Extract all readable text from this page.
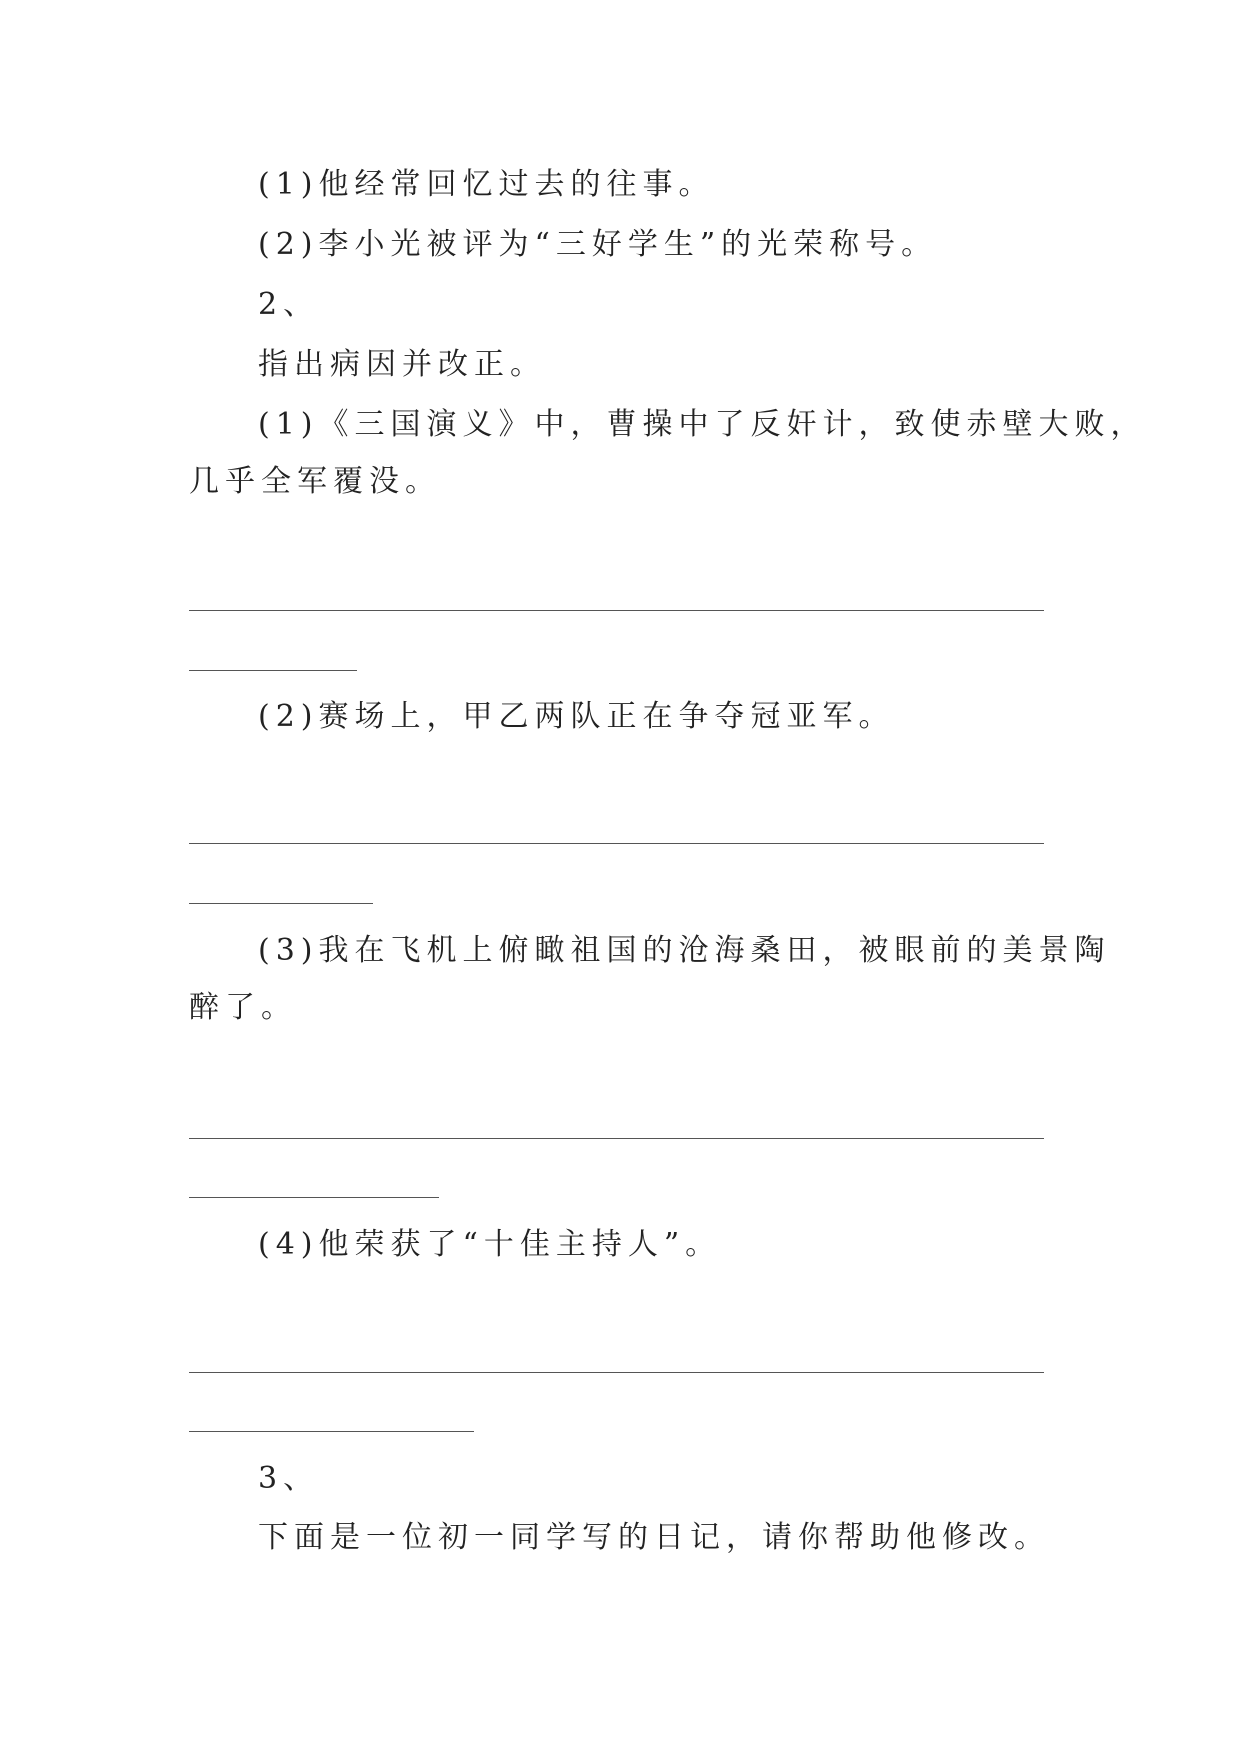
(1)他经常回忆过去的往事。
(2)李小光被评为“三好学生”的光荣称号。
2、
指出病因并改正。
(1)《三国演义》中，曹操中了反奸计，致使赤壁大败，
几乎全军覆没。
(2)赛场上，甲乙两队正在争夺冠亚军。
(3)我在飞机上俯瞰祖国的沧海桑田，被眼前的美景陶
醉了。
(4)他荣获了“十佳主持人”。
3、
下面是一位初一同学写的日记，请你帮助他修改。
